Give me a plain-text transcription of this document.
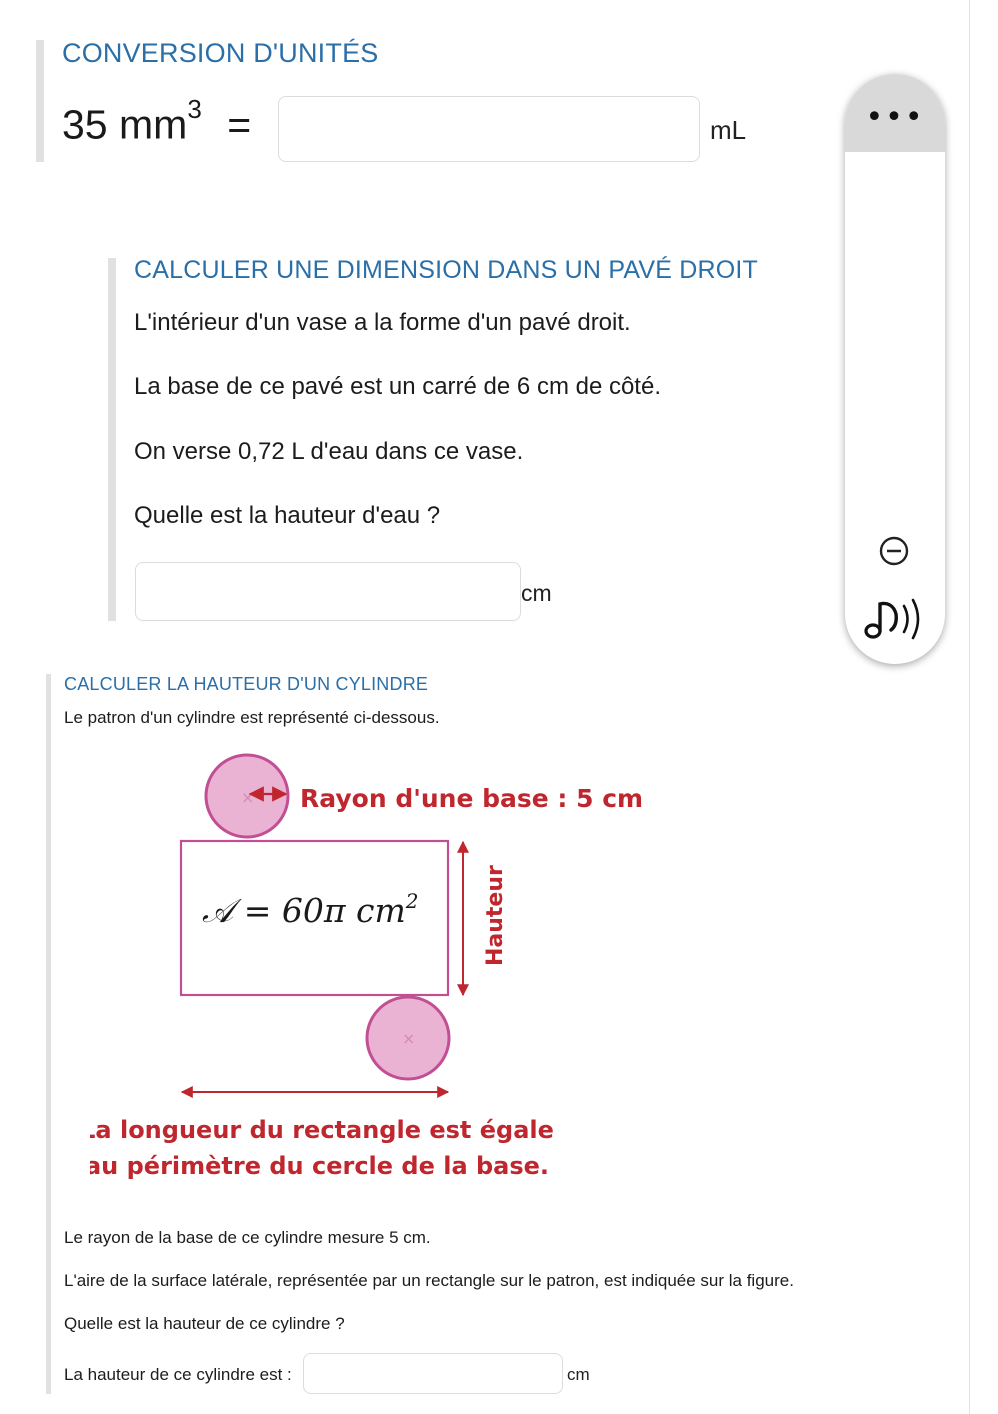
CONVERSION D'UNITÉS
35 $mm^3$ =	mL
CALCULER UNE DIMENSION DANS UN PAVÉ DROIT
L'intérieur d'un vase a la forme d'un pavé droit.
La base de ce pavé est un carré de 6 cm de côté.
On verse 0,72 L d'eau dans ce vase.
Quelle est la hauteur d'eau ?
cm
•••
CALCULER LA HAUTEUR D'UN CYLINDRE
Le patron d'un cylindre est représenté ci-dessous.
× Rayon d'une base : 5 cm
𝒜 = 60π $cm^2$	Hauteur
×
La longueur du rectangle est égale
au périmètre du cercle de la base.
Le rayon de la base de ce cylindre mesure 5 cm.
L'aire de la surface latérale, représentée par un rectangle sur le patron, est indiquée sur la figure.
Quelle est la hauteur de ce cylindre ?
La hauteur de ce cylindre est :	cm
